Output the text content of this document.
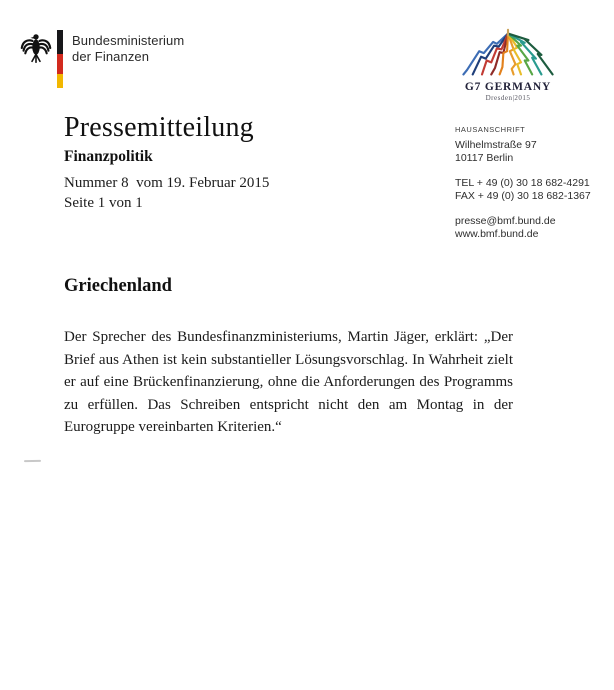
Bundesministerium
der Finanzen
G7 GERMANY
Dresden|2015
Pressemitteilung
Finanzpolitik
Nummer 8  vom 19. Februar 2015
Seite 1 von 1
HAUSANSCHRIFT
Wilhelmstraße 97
10117 Berlin
TEL + 49 (0) 30 18 682-4291
FAX + 49 (0) 30 18 682-1367
presse@bmf.bund.de
www.bmf.bund.de
Griechenland
Der Sprecher des Bundesfinanzministeriums, Martin Jäger, erklärt: „Der Brief aus Athen ist kein substantieller Lösungsvorschlag. In Wahrheit zielt er auf eine Brückenfinanzierung, ohne die Anforderungen des Programms zu erfüllen. Das Schreiben entspricht nicht den am Montag in der Eurogruppe vereinbarten Kriterien.“
